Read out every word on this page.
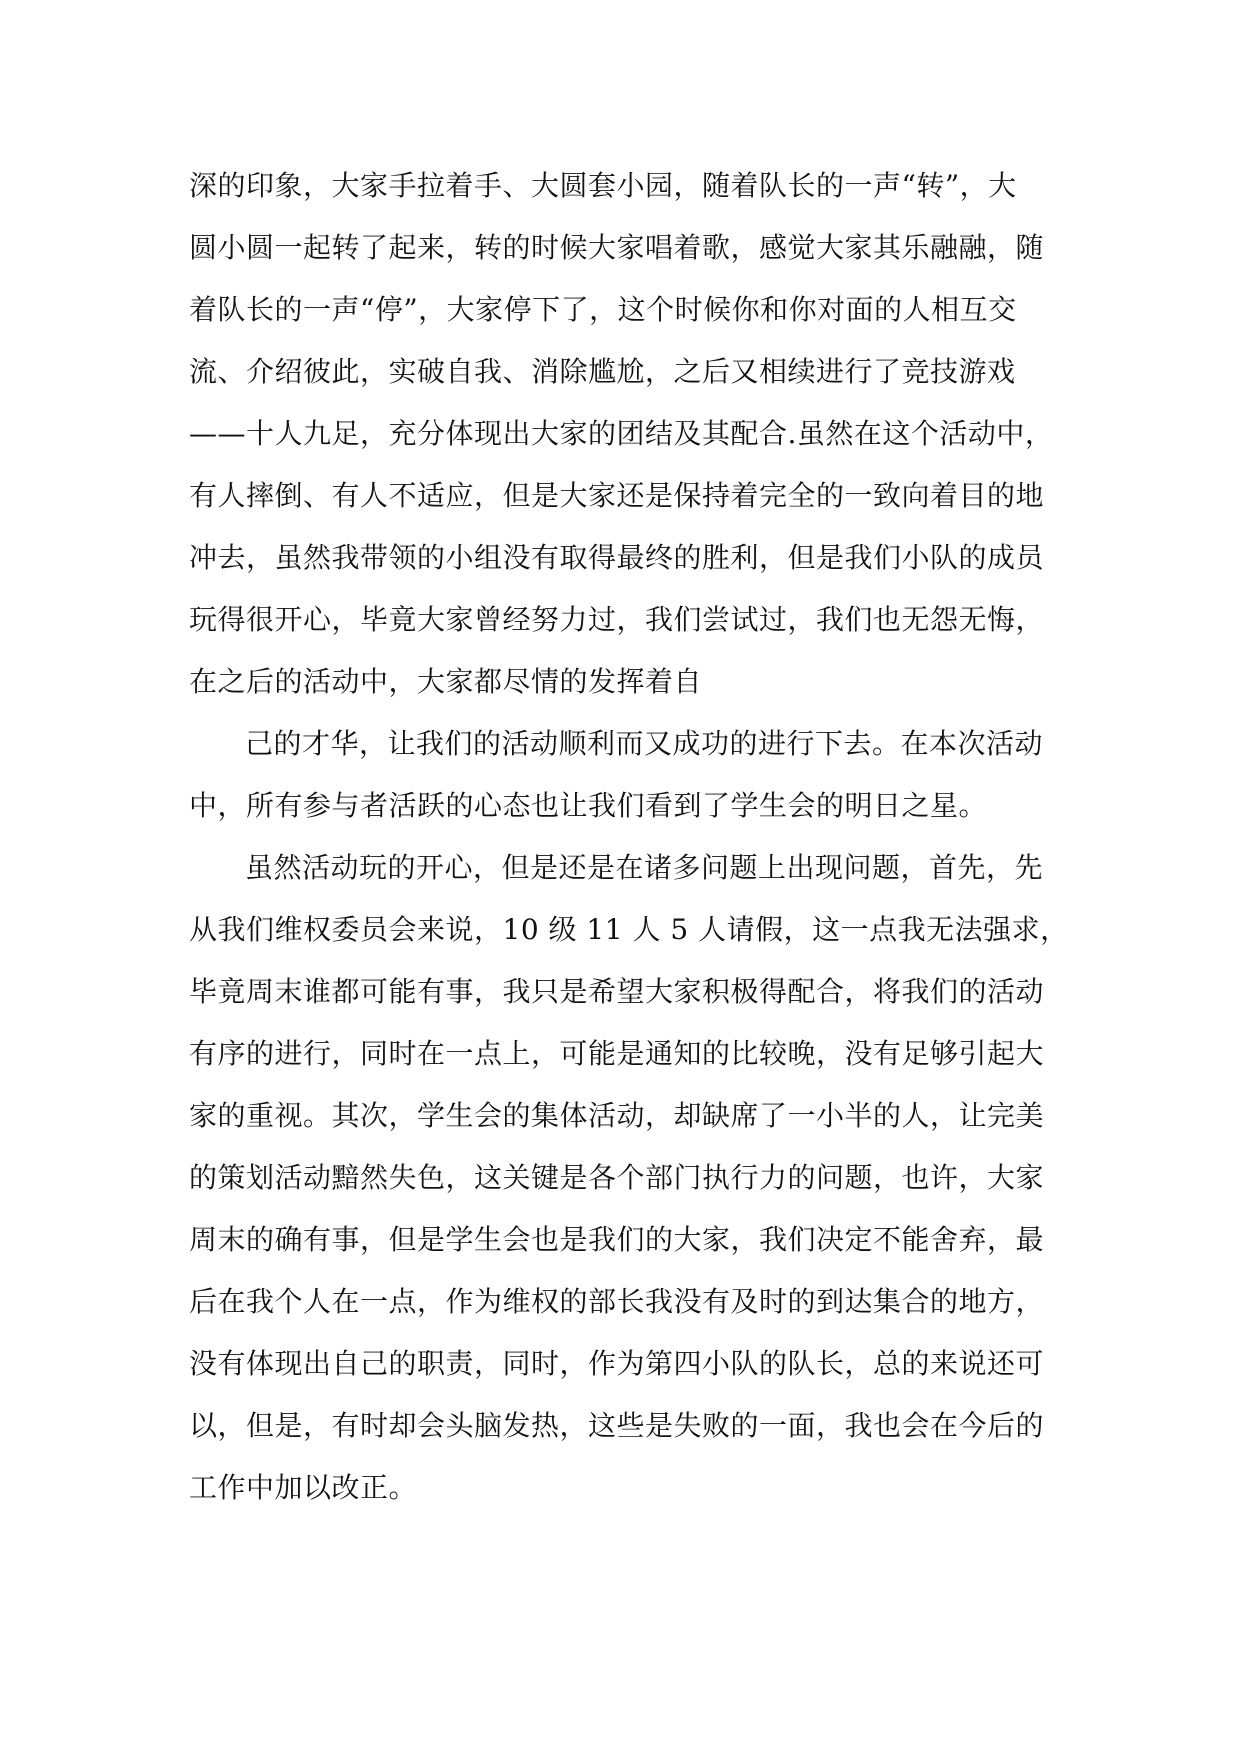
深的印象，大家手拉着手、大圆套小园，随着队长的一声“转”，大
圆小圆一起转了起来，转的时候大家唱着歌，感觉大家其乐融融，随
着队长的一声“停”，大家停下了，这个时候你和你对面的人相互交
流、介绍彼此，实破自我、消除尴尬，之后又相续进行了竞技游戏
——十人九足，充分体现出大家的团结及其配合.虽然在这个活动中，
有人摔倒、有人不适应，但是大家还是保持着完全的一致向着目的地
冲去，虽然我带领的小组没有取得最终的胜利，但是我们小队的成员
玩得很开心，毕竟大家曾经努力过，我们尝试过，我们也无怨无悔，
在之后的活动中，大家都尽情的发挥着自
己的才华，让我们的活动顺利而又成功的进行下去。在本次活动
中，所有参与者活跃的心态也让我们看到了学生会的明日之星。
虽然活动玩的开心，但是还是在诸多问题上出现问题，首先，先
从我们维权委员会来说，10 级 11 人 5 人请假，这一点我无法强求，
毕竟周末谁都可能有事，我只是希望大家积极得配合，将我们的活动
有序的进行，同时在一点上，可能是通知的比较晚，没有足够引起大
家的重视。其次，学生会的集体活动，却缺席了一小半的人，让完美
的策划活动黯然失色，这关键是各个部门执行力的问题，也许，大家
周末的确有事，但是学生会也是我们的大家，我们决定不能舍弃，最
后在我个人在一点，作为维权的部长我没有及时的到达集合的地方，
没有体现出自己的职责，同时，作为第四小队的队长，总的来说还可
以，但是，有时却会头脑发热，这些是失败的一面，我也会在今后的
工作中加以改正。
